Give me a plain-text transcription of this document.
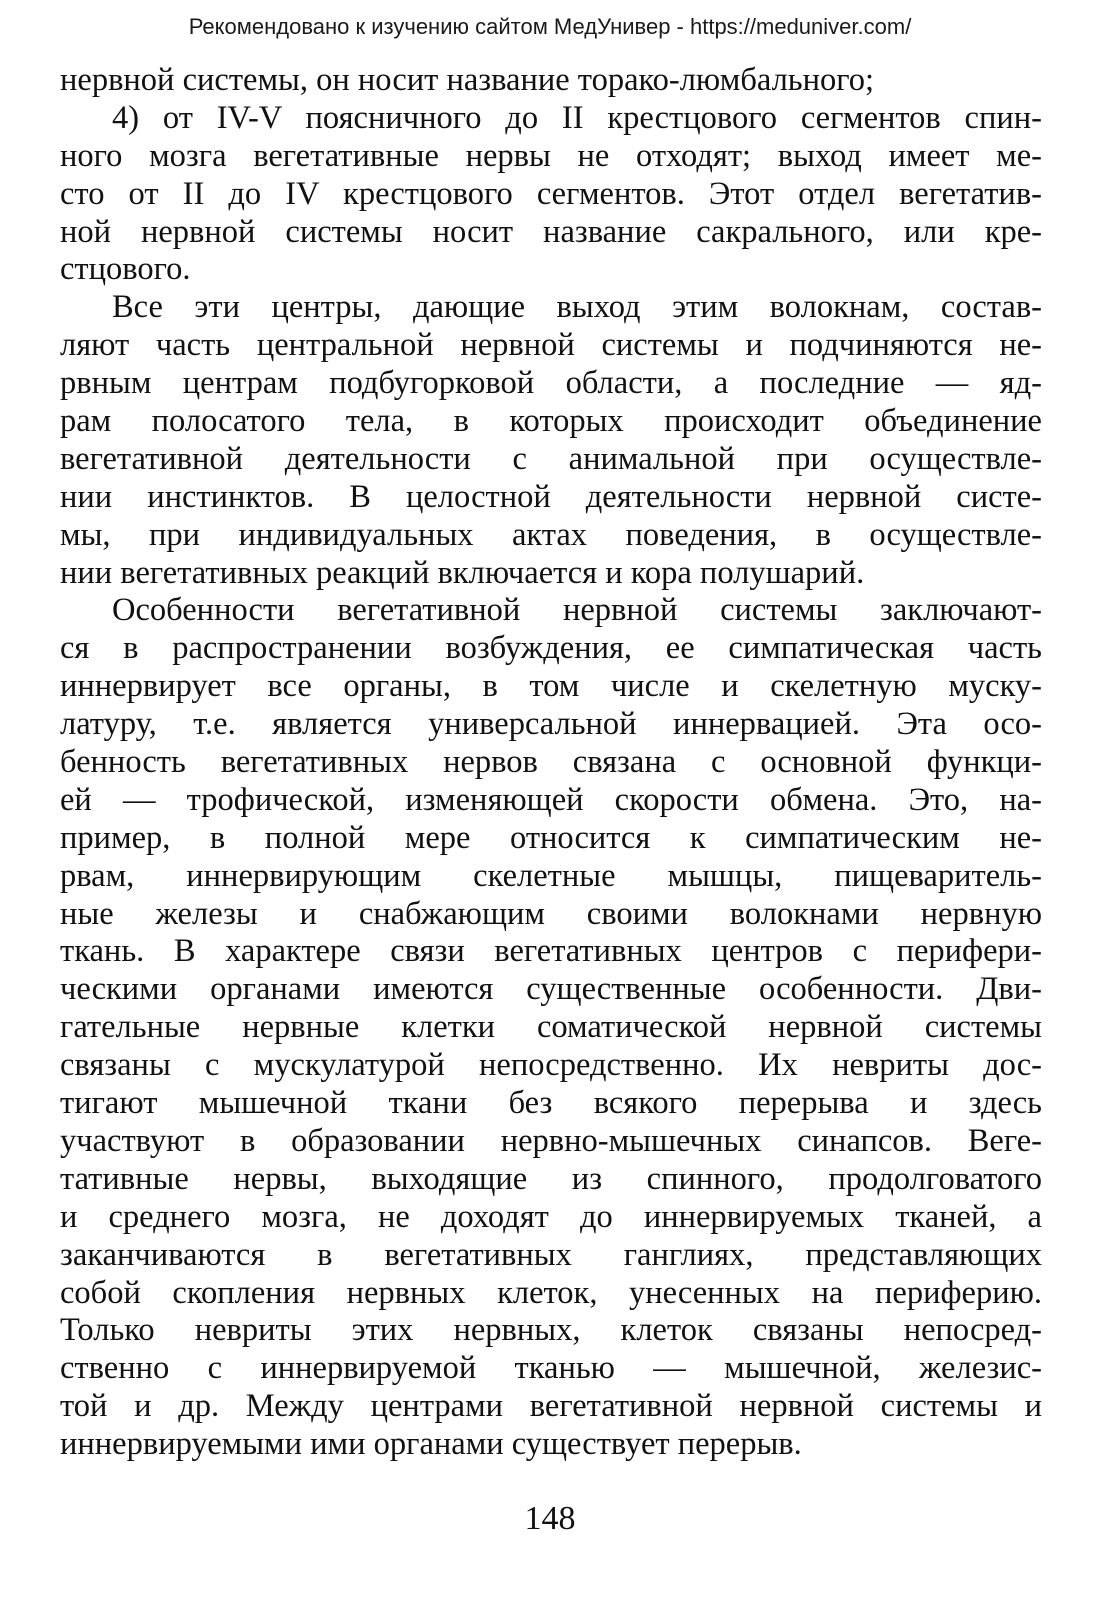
Рекомендовано к изучению сайтом МедУнивер - https://meduniver.com/
нервной системы, он носит название торако-люмбального;
4) от IV-V поясничного до II крестцового сегментов спин-
ного мозга вегетативные нервы не отходят; выход имеет ме-
сто от II до IV крестцового сегментов. Этот отдел вегетатив-
ной нервной системы носит название сакрального, или кре-
стцового.
Все эти центры, дающие выход этим волокнам, состав-
ляют часть центральной нервной системы и подчиняются не-
рвным центрам подбугорковой области, а последние — яд-
рам полосатого тела, в которых происходит объединение
вегетативной деятельности с анимальной при осуществле-
нии инстинктов. В целостной деятельности нервной систе-
мы, при индивидуальных актах поведения, в осуществле-
нии вегетативных реакций включается и кора полушарий.
Особенности вегетативной нервной системы заключают-
ся в распространении возбуждения, ее симпатическая часть
иннервирует все органы, в том числе и скелетную муску-
латуру, т.е. является универсальной иннервацией. Эта осо-
бенность вегетативных нервов связана с основной функци-
ей — трофической, изменяющей скорости обмена. Это, на-
пример, в полной мере относится к симпатическим не-
рвам, иннервирующим скелетные мышцы, пищеваритель-
ные железы и снабжающим своими волокнами нервную
ткань. В характере связи вегетативных центров с перифери-
ческими органами имеются существенные особенности. Дви-
гательные нервные клетки соматической нервной системы
связаны с мускулатурой непосредственно. Их невриты дос-
тигают мышечной ткани без всякого перерыва и здесь
участвуют в образовании нервно-мышечных синапсов. Веге-
тативные нервы, выходящие из спинного, продолговатого
и среднего мозга, не доходят до иннервируемых тканей, а
заканчиваются в вегетативных ганглиях, представляющих
собой скопления нервных клеток, унесенных на периферию.
Только невриты этих нервных, клеток связаны непосред-
ственно с иннервируемой тканью — мышечной, железис-
той и др. Между центрами вегетативной нервной системы и
иннервируемыми ими органами существует перерыв.
148
